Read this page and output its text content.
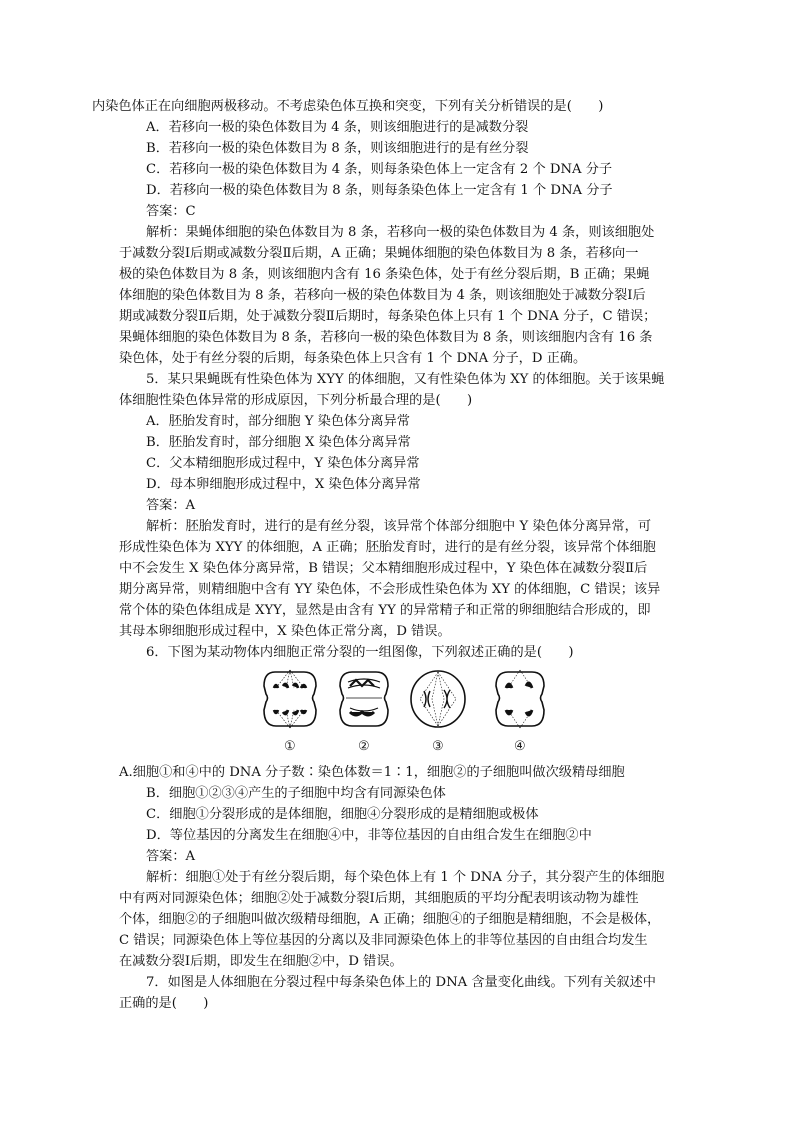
内染色体正在向细胞两极移动。不考虑染色体互换和突变，下列有关分析错误的是(　　)
A．若移向一极的染色体数目为 4 条，则该细胞进行的是减数分裂
B．若移向一极的染色体数目为 8 条，则该细胞进行的是有丝分裂
C．若移向一极的染色体数目为 4 条，则每条染色体上一定含有 2 个 DNA 分子
D．若移向一极的染色体数目为 8 条，则每条染色体上一定含有 1 个 DNA 分子
答案：C
解析：果蝇体细胞的染色体数目为 8 条，若移向一极的染色体数目为 4 条，则该细胞处
于减数分裂Ⅰ后期或减数分裂Ⅱ后期，A 正确；果蝇体细胞的染色体数目为 8 条，若移向一
极的染色体数目为 8 条，则该细胞内含有 16 条染色体，处于有丝分裂后期，B 正确；果蝇
体细胞的染色体数目为 8 条，若移向一极的染色体数目为 4 条，则该细胞处于减数分裂Ⅰ后
期或减数分裂Ⅱ后期，处于减数分裂Ⅱ后期时，每条染色体上只有 1 个 DNA 分子，C 错误；
果蝇体细胞的染色体数目为 8 条，若移向一极的染色体数目为 8 条，则该细胞内含有 16 条
染色体，处于有丝分裂的后期，每条染色体上只含有 1 个 DNA 分子，D 正确。
5．某只果蝇既有性染色体为 XYY 的体细胞，又有性染色体为 XY 的体细胞。关于该果蝇
体细胞性染色体异常的形成原因，下列分析最合理的是(　　)
A．胚胎发育时，部分细胞 Y 染色体分离异常
B．胚胎发育时，部分细胞 X 染色体分离异常
C．父本精细胞形成过程中，Y 染色体分离异常
D．母本卵细胞形成过程中，X 染色体分离异常
答案：A
解析：胚胎发育时，进行的是有丝分裂，该异常个体部分细胞中 Y 染色体分离异常，可
形成性染色体为 XYY 的体细胞，A 正确；胚胎发育时，进行的是有丝分裂，该异常个体细胞
中不会发生 X 染色体分离异常，B 错误；父本精细胞形成过程中，Y 染色体在减数分裂Ⅱ后
期分离异常，则精细胞中含有 YY 染色体，不会形成性染色体为 XY 的体细胞，C 错误；该异
常个体的染色体组成是 XYY，显然是由含有 YY 的异常精子和正常的卵细胞结合形成的，即
其母本卵细胞形成过程中，X 染色体正常分离，D 错误。
6．下图为某动物体内细胞正常分裂的一组图像，下列叙述正确的是(　　)
①	②	③	④
A.细胞①和④中的 DNA 分子数∶染色体数＝1∶1，细胞②的子细胞叫做次级精母细胞
B．细胞①②③④产生的子细胞中均含有同源染色体
C．细胞①分裂形成的是体细胞，细胞④分裂形成的是精细胞或极体
D．等位基因的分离发生在细胞④中，非等位基因的自由组合发生在细胞②中
答案：A
解析：细胞①处于有丝分裂后期，每个染色体上有 1 个 DNA 分子，其分裂产生的体细胞
中有两对同源染色体；细胞②处于减数分裂Ⅰ后期，其细胞质的平均分配表明该动物为雄性
个体，细胞②的子细胞叫做次级精母细胞，A 正确；细胞④的子细胞是精细胞，不会是极体，
C 错误；同源染色体上等位基因的分离以及非同源染色体上的非等位基因的自由组合均发生
在减数分裂Ⅰ后期，即发生在细胞②中，D 错误。
7．如图是人体细胞在分裂过程中每条染色体上的 DNA 含量变化曲线。下列有关叙述中
正确的是(　　)
